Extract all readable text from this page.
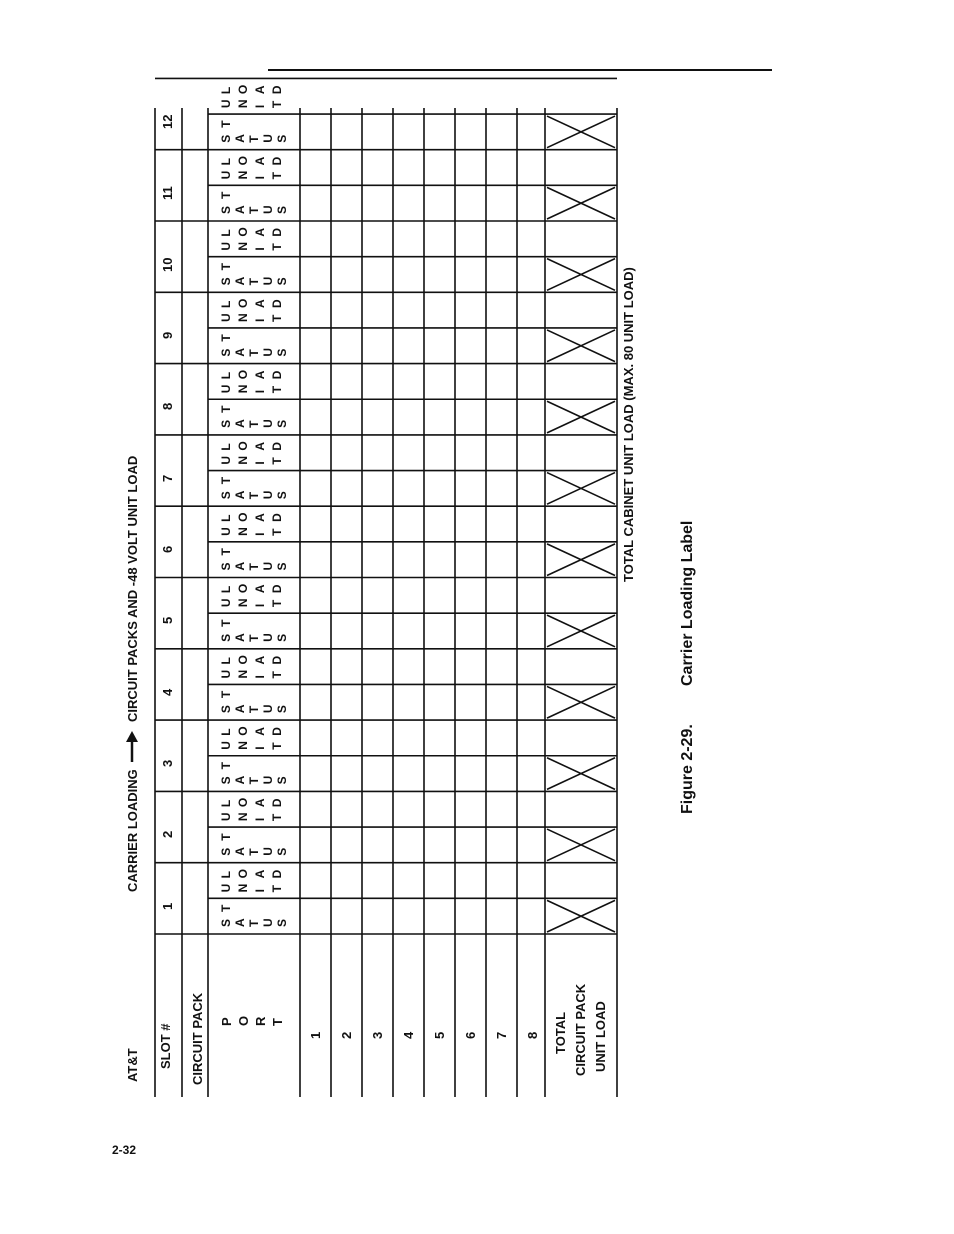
S
T
A T U S
U N I T
L O A D
S
T
A T U S
U N I T
L O A D
S
T
A T U S
U N I T
L O A D
S
T
A T U S
U N I T
L O A D
S
T
A T U S
U N I T
L O A D
S
T
A T U S
U N I T
L O A D
S
T
A T U S
U N I T
L O A D
S
T
A T U S
U N I T
L O A D
S
T
A T U S
U N I T
L O A D
S
T
A T U S
U N I T
L O A D
S
T
A T U S
U N I T
L O A D
S
T
A T U S
U N I T
L O A D
AT&T
CARRIER LOADING
CIRCUIT PACKS AND -48 VOLT UNIT LOAD
SLOT # CIRCUIT PACK P O R T
1 2 3 4 5 6 7 8 TOTAL CIRCUIT PACK UNIT LOAD
1
2
3
4
5
6
7
8
9
10
11
12
TOTAL CABINET UNIT LOAD (MAX. 80 UNIT LOAD)
Figure 2-29.
Carrier Loading Label
2-32
